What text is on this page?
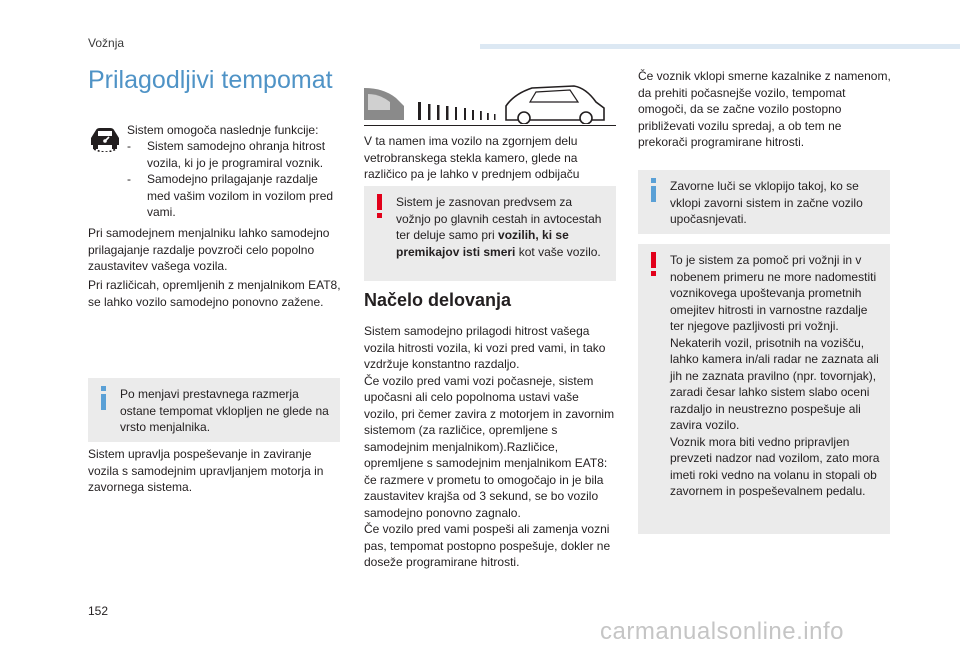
Vožnja
Prilagodljivi tempomat
Sistem omogoča naslednje funkcije:
- Sistem samodejno ohranja hitrost vozila, ki jo je programiral voznik.
- Samodejno prilagajanje razdalje med vašim vozilom in vozilom pred vami.
Pri samodejnem menjalniku lahko samodejno prilagajanje razdalje povzroči celo popolno zaustavitev vašega vozila.
Pri različicah, opremljenih z menjalnikom EAT8, se lahko vozilo samodejno ponovno zažene.
Po menjavi prestavnega razmerja ostane tempomat vklopljen ne glede na vrsto menjalnika.
Sistem upravlja pospeševanje in zaviranje vozila s samodejnim upravljanjem motorja in zavornega sistema.
V ta namen ima vozilo na zgornjem delu vetrobranskega stekla kamero, glede na različico pa je lahko v prednjem odbijaču
Sistem je zasnovan predvsem za vožnjo po glavnih cestah in avtocestah ter deluje samo pri vozilih, ki se premikajov isti smeri kot vaše vozilo.
Načelo delovanja
Sistem samodejno prilagodi hitrost vašega vozila hitrosti vozila, ki vozi pred vami, in tako vzdržuje konstantno razdaljo.
Če vozilo pred vami vozi počasneje, sistem upočasni ali celo popolnoma ustavi vaše vozilo, pri čemer zavira z motorjem in zavornim sistemom (za različice, opremljene s samodejnim menjalnikom).Različice, opremljene s samodejnim menjalnikom EAT8: če razmere v prometu to omogočajo in je bila zaustavitev krajša od 3 sekund, se bo vozilo samodejno ponovno zagnalo.
Če vozilo pred vami pospeši ali zamenja vozni pas, tempomat postopno pospešuje, dokler ne doseže programirane hitrosti.
Če voznik vklopi smerne kazalnike z namenom, da prehiti počasnejše vozilo, tempomat omogoči, da se začne vozilo postopno približevati vozilu spredaj, a ob tem ne prekorači programirane hitrosti.
Zavorne luči se vklopijo takoj, ko se vklopi zavorni sistem in začne vozilo upočasnjevati.
To je sistem za pomoč pri vožnji in v nobenem primeru ne more nadomestiti voznikovega upoštevanja prometnih omejitev hitrosti in varnostne razdalje ter njegove pazljivosti pri vožnji.
Nekaterih vozil, prisotnih na vozišču, lahko kamera in/ali radar ne zaznata ali jih ne zaznata pravilno (npr. tovornjak), zaradi česar lahko sistem slabo oceni razdaljo in neustrezno pospešuje ali zavira vozilo.
Voznik mora biti vedno pripravljen prevzeti nadzor nad vozilom, zato mora imeti roki vedno na volanu in stopali ob zavornem in pospeševalnem pedalu.
152
carmanualsonline.info
